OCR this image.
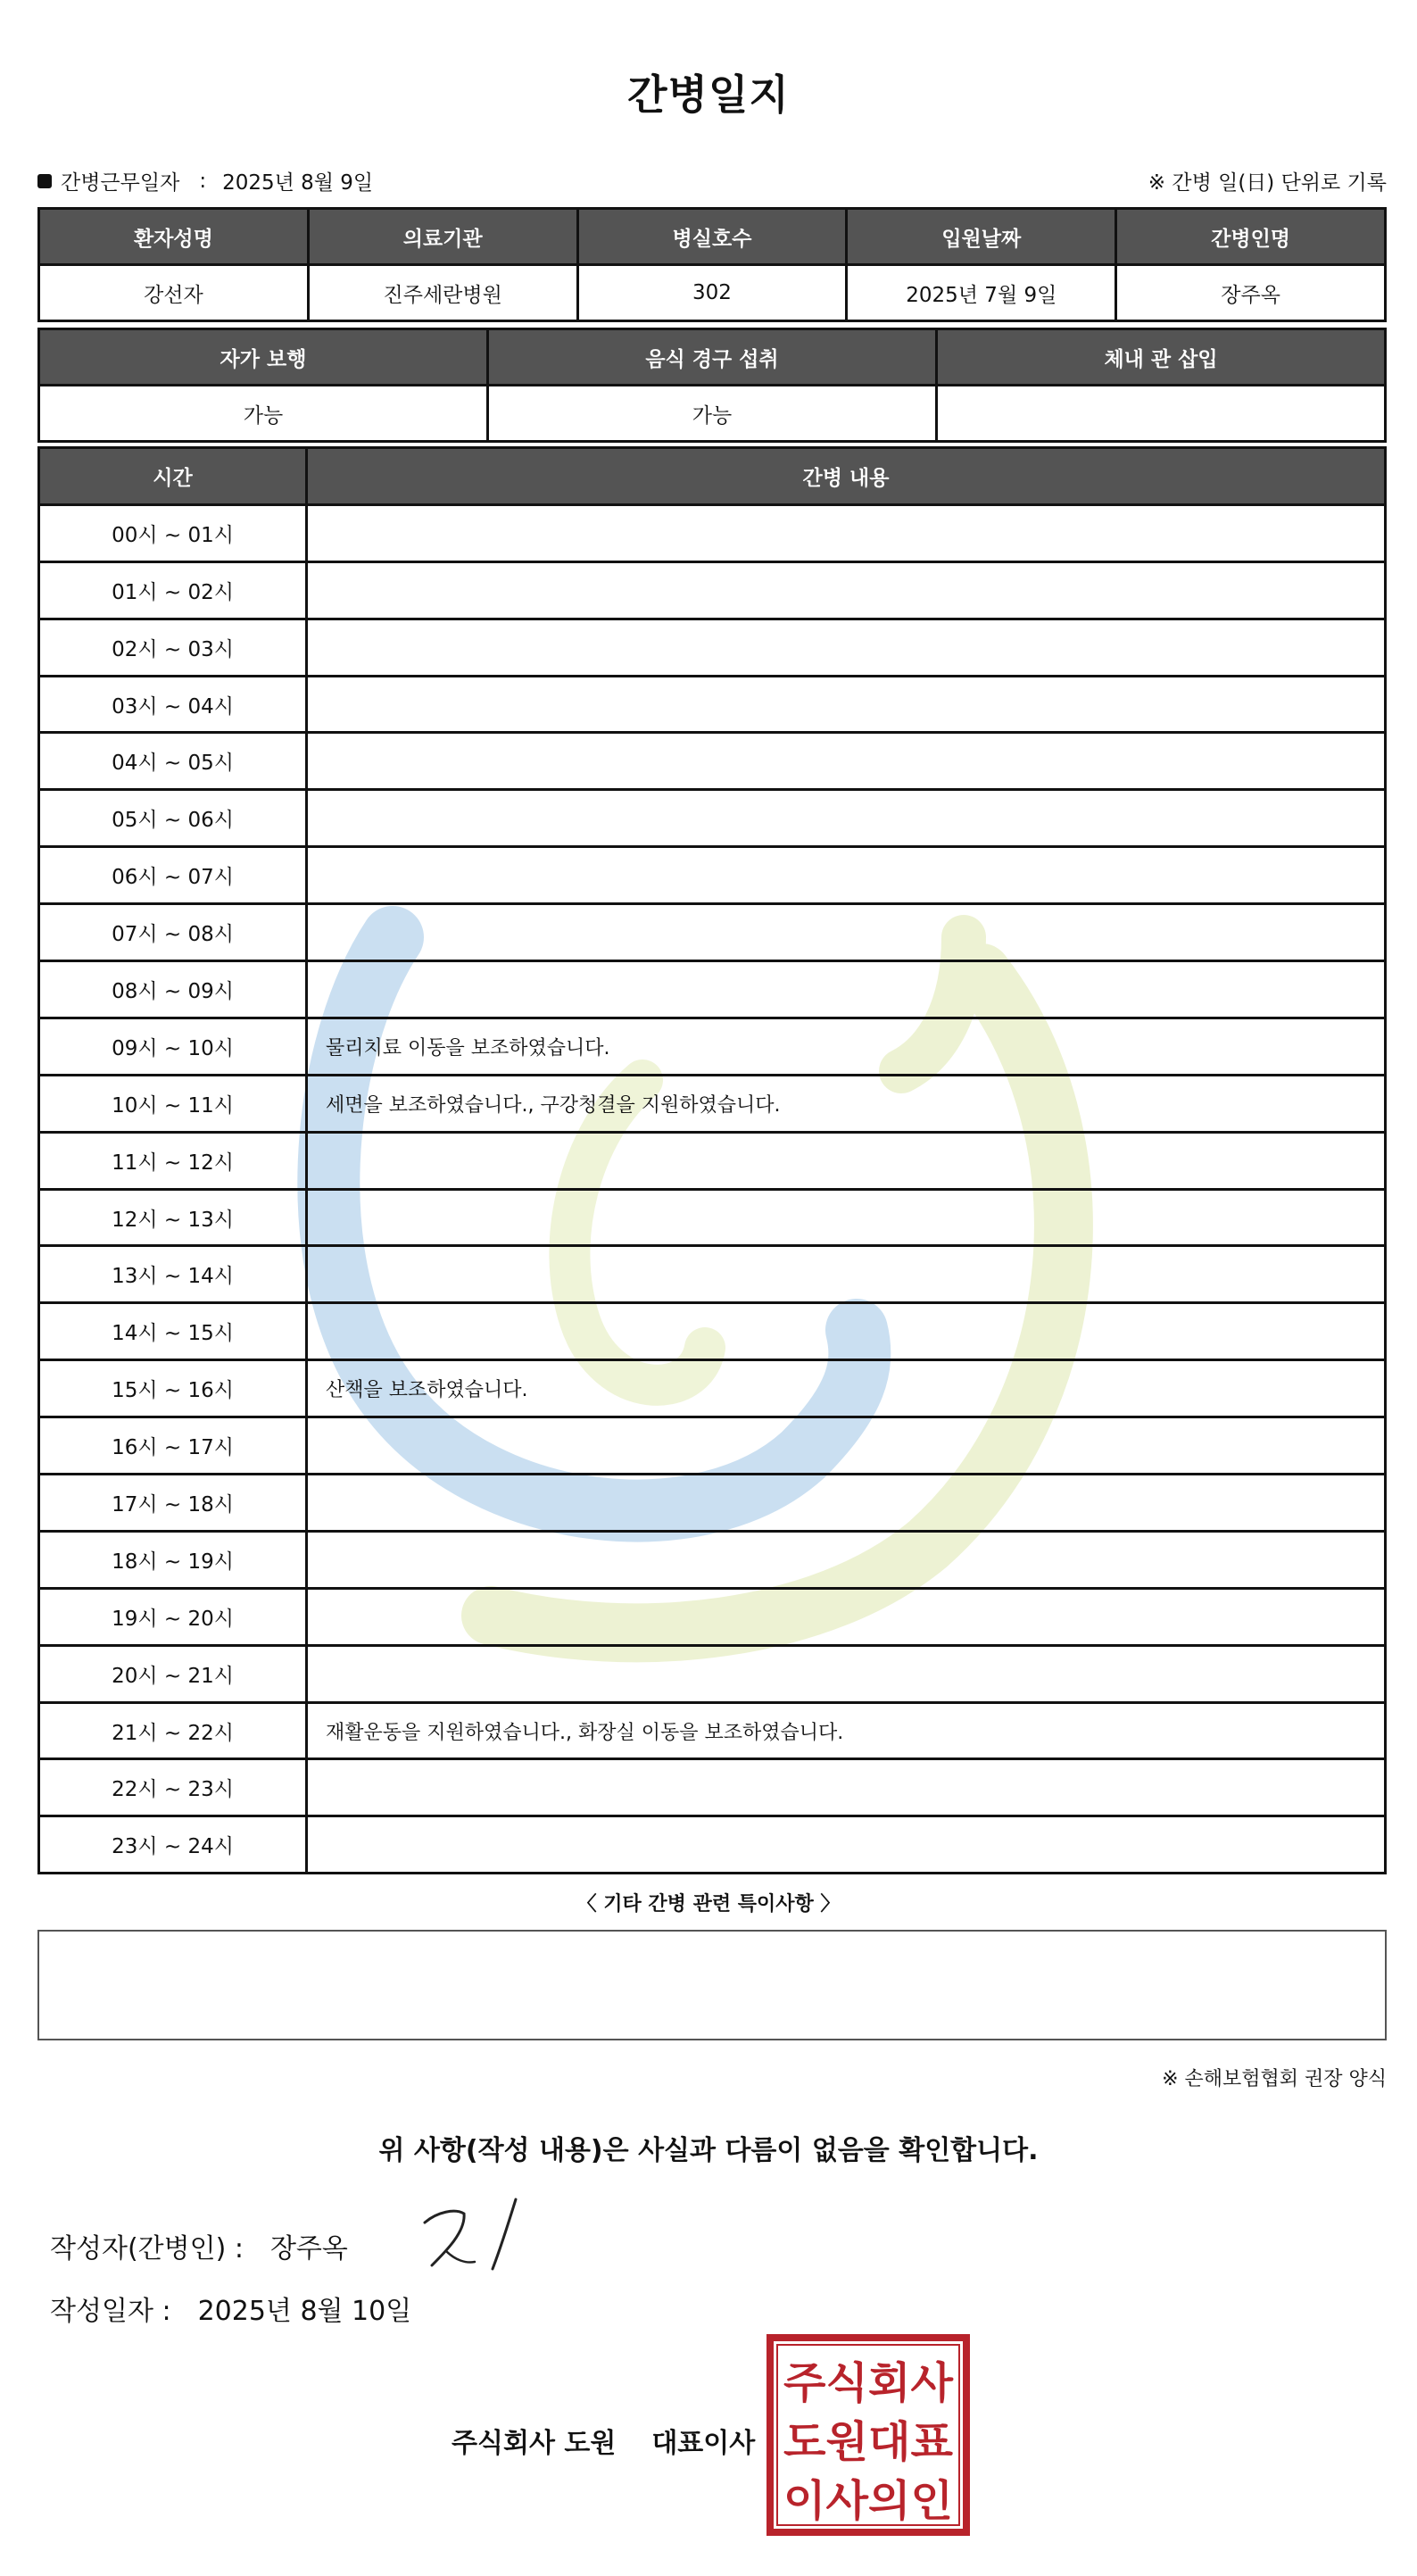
간병일지
간병근무일자 : 2025년 8월 9일	※ 간병 일(日) 단위로 기록
환자성명	의료기관	병실호수	입원날짜	간병인명
강선자	진주세란병원	302	2025년 7월 9일	장주옥
자가 보행	음식 경구 섭취	체내 관 삽입
가능	가능	
시간	간병 내용
00시 ~ 01시	
01시 ~ 02시	
02시 ~ 03시	
03시 ~ 04시	
04시 ~ 05시	
05시 ~ 06시	
06시 ~ 07시	
07시 ~ 08시	
08시 ~ 09시	
09시 ~ 10시	물리치료 이동을 보조하였습니다.
10시 ~ 11시	세면을 보조하였습니다., 구강청결을 지원하였습니다.
11시 ~ 12시	
12시 ~ 13시	
13시 ~ 14시	
14시 ~ 15시	
15시 ~ 16시	산책을 보조하였습니다.
16시 ~ 17시	
17시 ~ 18시	
18시 ~ 19시	
19시 ~ 20시	
20시 ~ 21시	
21시 ~ 22시	재활운동을 지원하였습니다., 화장실 이동을 보조하였습니다.
22시 ~ 23시	
23시 ~ 24시	
〈 기타 간병 관련 특이사항 〉
※ 손해보험협회 권장 양식
위 사항(작성 내용)은 사실과 다름이 없음을 확인합니다.
작성자(간병인) : 장주옥
작성일자 : 2025년 8월 10일
주식회사 도원 대표이사
주식회사
도원대표
이사의인
